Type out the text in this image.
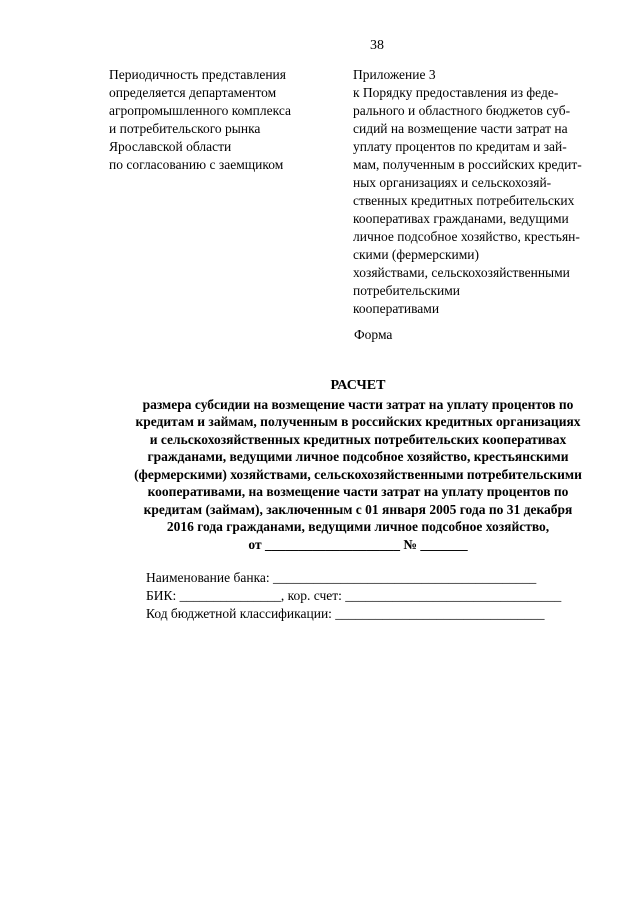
38
Периодичность представления
определяется департаментом
агропромышленного комплекса
и потребительского рынка
Ярославской области
по согласованию с заемщиком
Приложение 3
к Порядку предоставления из феде-
рального и областного бюджетов суб-
сидий на возмещение части затрат на
уплату процентов по кредитам и зай-
мам, полученным в российских кредит-
ных организациях и сельскохозяй-
ственных кредитных потребительских
кооперативах гражданами, ведущими
личное подсобное хозяйство, крестьян-
скими (фермерскими)
хозяйствами, сельскохозяйственными
потребительскими
кооперативами
Форма
РАСЧЕТ
размера субсидии на возмещение части затрат на уплату процентов по
кредитам и займам, полученным в российских кредитных организациях
и сельскохозяйственных кредитных потребительских кооперативах
гражданами, ведущими личное подсобное хозяйство, крестьянскими
(фермерскими) хозяйствами, сельскохозяйственными потребительскими
кооперативами, на возмещение части затрат на уплату процентов по
кредитам (займам), заключенным с 01 января 2005 года по 31 декабря
2016 года гражданами, ведущими личное подсобное хозяйство,
от ____________________ № _______
Наименование банка: _______________________________________
БИК: _______________, кор. счет: ________________________________
Код бюджетной классификации: _______________________________
